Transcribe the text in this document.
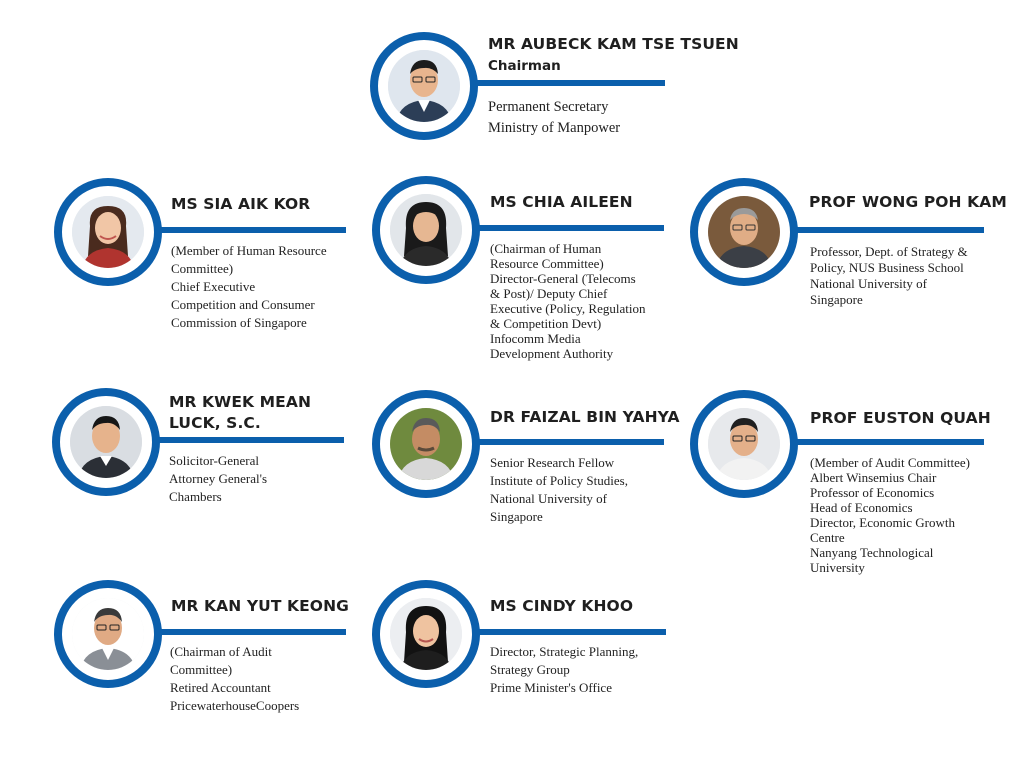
MR AUBECK KAM TSE TSUEN
Chairman
Permanent Secretary
Ministry of Manpower
MS SIA AIK KOR
(Member of Human Resource
Committee)
Chief Executive
Competition and Consumer
Commission of Singapore
MS CHIA AILEEN
(Chairman of Human
Resource Committee)
Director-General (Telecoms
& Post)/ Deputy Chief
Executive (Policy, Regulation
& Competition Devt)
Infocomm Media
Development Authority
PROF WONG POH KAM
Professor, Dept. of Strategy &
Policy, NUS Business School
National University of
Singapore
MR KWEK MEAN LUCK, S.C.
Solicitor-General
Attorney General's
Chambers
DR FAIZAL BIN YAHYA
Senior Research Fellow
Institute of Policy Studies,
National University of
Singapore
PROF EUSTON QUAH
(Member of Audit Committee)
Albert Winsemius Chair
Professor of Economics
Head of Economics
Director, Economic Growth
Centre
Nanyang Technological
University
MR KAN YUT KEONG
(Chairman of Audit
Committee)
Retired Accountant
PricewaterhouseCoopers
MS CINDY KHOO
Director, Strategic Planning,
Strategy Group
Prime Minister's Office
